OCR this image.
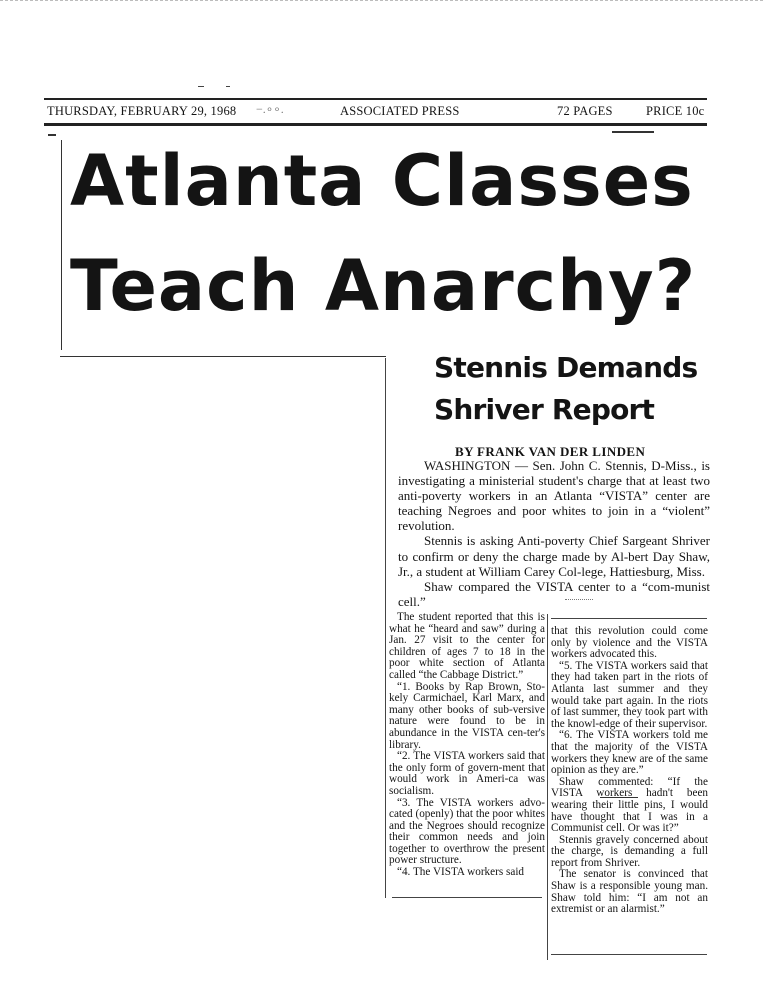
THURSDAY, FEBRUARY 29, 1968 −.∘∘.	ASSOCIATED PRESS	72 PAGES	PRICE 10c
Atlanta Classes
Teach Anarchy?
Stennis Demands
Shriver Report
BY FRANK VAN DER LINDEN

WASHINGTON — Sen. John C. Stennis, D-Miss., is investigating a ministerial student's charge that at least two anti-poverty workers in an Atlanta “VISTA” center are teaching Negroes and poor whites to join in a “violent” revolution.

Stennis is asking Anti-poverty Chief Sargeant Shriver to confirm or deny the charge made by Al-bert Day Shaw, Jr., a student at William Carey Col-lege, Hattiesburg, Miss.

Shaw compared the VISTA center to a “com-munist cell.”

The student reported that this is what he “heard and saw” during a Jan. 27 visit to the center for children of ages 7 to 18 in the poor white section of Atlanta called “the Cabbage District.”

“1. Books by Rap Brown, Sto-kely Carmichael, Karl Marx, and many other books of sub-versive nature were found to be in abundance in the VISTA cen-ter's library.

“2. The VISTA workers said that the only form of govern-ment that would work in Ameri-ca was socialism.

“3. The VISTA workers advo-cated (openly) that the poor whites and the Negroes should recognize their common needs and join together to overthrow the present power structure.

“4. The VISTA workers said

that this revolution could come only by violence and the VISTA workers advocated this.

“5. The VISTA workers said that they had taken part in the riots of Atlanta last summer and they would take part again. In the riots of last summer, they took part with the knowl-edge of their supervisor.

“6. The VISTA workers told me that the majority of the VISTA workers they knew are of the same opinion as they are.”

Shaw commented: “If the VISTA workers hadn't been wearing their little pins, I would have thought that I was in a Communist cell. Or was it?”

Stennis gravely concerned about the charge, is demanding a full report from Shriver.

The senator is convinced that Shaw is a responsible young man. Shaw told him: “I am not an extremist or an alarmist.”
